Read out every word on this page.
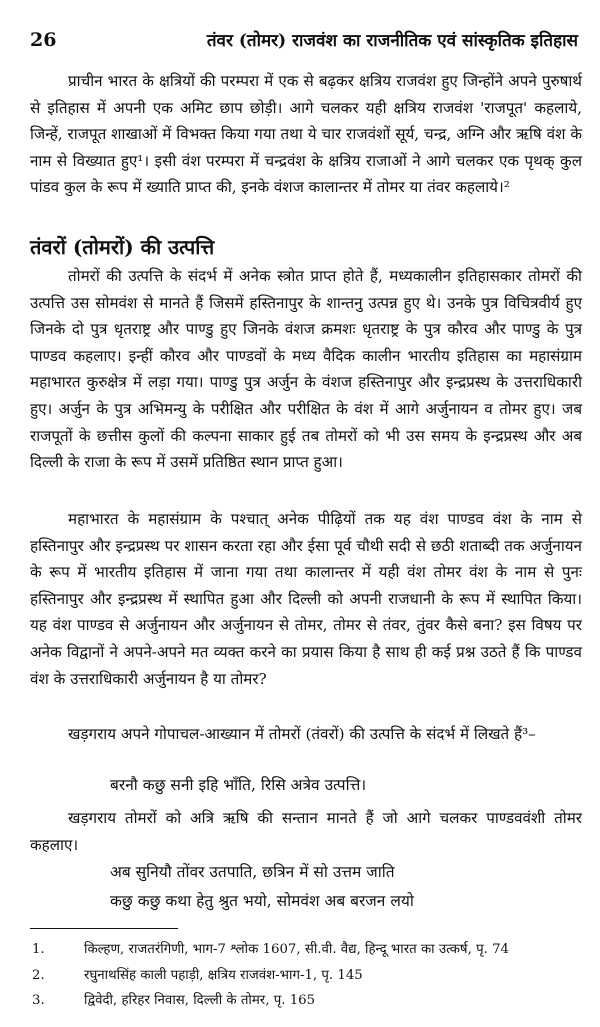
26	तंवर (तोमर) राजवंश का राजनीतिक एवं सांस्कृतिक इतिहास

प्राचीन भारत के क्षत्रियों की परम्परा में एक से बढ़कर क्षत्रिय राजवंश हुए जिन्होंने अपने पुरुषार्थ से इतिहास में अपनी एक अमिट छाप छोड़ी। आगे चलकर यही क्षत्रिय राजवंश 'राजपूत' कहलाये, जिन्हें, राजपूत शाखाओं में विभक्त किया गया तथा ये चार राजवंशों सूर्य, चन्द्र, अग्नि और ऋषि वंश के नाम से विख्यात हुए¹। इसी वंश परम्परा में चन्द्रवंश के क्षत्रिय राजाओं ने आगे चलकर एक पृथक् कुल पांडव कुल के रूप में ख्याति प्राप्त की, इनके वंशज कालान्तर में तोमर या तंवर कहलाये।²

तंवरों (तोमरों) की उत्पत्ति

तोमरों की उत्पत्ति के संदर्भ में अनेक स्त्रोत प्राप्त होते हैं, मध्यकालीन इतिहासकार तोमरों की उत्पत्ति उस सोमवंश से मानते हैं जिसमें हस्तिनापुर के शान्तनु उत्पन्न हुए थे। उनके पुत्र विचित्रवीर्य हुए जिनके दो पुत्र धृतराष्ट्र और पाण्डु हुए जिनके वंशज क्रमशः धृतराष्ट्र के पुत्र कौरव और पाण्डु के पुत्र पाण्डव कहलाए। इन्हीं कौरव और पाण्डवों के मध्य वैदिक कालीन भारतीय इतिहास का महासंग्राम महाभारत कुरुक्षेत्र में लड़ा गया। पाण्डु पुत्र अर्जुन के वंशज हस्तिनापुर और इन्द्रप्रस्थ के उत्तराधिकारी हुए। अर्जुन के पुत्र अभिमन्यु के परीक्षित और परीक्षित के वंश में आगे अर्जुनायन व तोमर हुए। जब राजपूतों के छत्तीस कुलों की कल्पना साकार हुई तब तोमरों को भी उस समय के इन्द्रप्रस्थ और अब दिल्ली के राजा के रूप में उसमें प्रतिष्ठित स्थान प्राप्त हुआ।

महाभारत के महासंग्राम के पश्चात् अनेक पीढ़ियों तक यह वंश पाण्डव वंश के नाम से हस्तिनापुर और इन्द्रप्रस्थ पर शासन करता रहा और ईसा पूर्व चौथी सदी से छठी शताब्दी तक अर्जुनायन के रूप में भारतीय इतिहास में जाना गया तथा कालान्तर में यही वंश तोमर वंश के नाम से पुनः हस्तिनापुर और इन्द्रप्रस्थ में स्थापित हुआ और दिल्ली को अपनी राजधानी के रूप में स्थापित किया। यह वंश पाण्डव से अर्जुनायन और अर्जुनायन से तोमर, तोमर से तंवर, तुंवर कैसे बना? इस विषय पर अनेक विद्वानों ने अपने-अपने मत व्यक्त करने का प्रयास किया है साथ ही कई प्रश्न उठते हैं कि पाण्डव वंश के उत्तराधिकारी अर्जुनायन है या तोमर?

खड़गराय अपने गोपाचल-आख्यान में तोमरों (तंवरों) की उत्पत्ति के संदर्भ में लिखते हैं³–

बरनौ कछु सनी इहि भाँति, रिसि अत्रेव उत्पत्ति।

खड़गराय तोमरों को अत्रि ऋषि की सन्तान मानते हैं जो आगे चलकर पाण्डववंशी तोमर कहलाए।

अब सुनियौ तोंवर उतपाति, छत्रिन में सो उत्तम जाति

कछु कछु कथा हेतु श्रुत भयो, सोमवंश अब बरजन लयो

1.	किल्हण, राजतरंगिणी, भाग-7 श्लोक 1607, सी.वी. वैद्य, हिन्दू भारत का उत्कर्ष, पृ. 74

2.	रघुनाथसिंह काली पहाड़ी, क्षत्रिय राजवंश-भाग-1, पृ. 145

3.	द्विवेदी, हरिहर निवास, दिल्ली के तोमर, पृ. 165
